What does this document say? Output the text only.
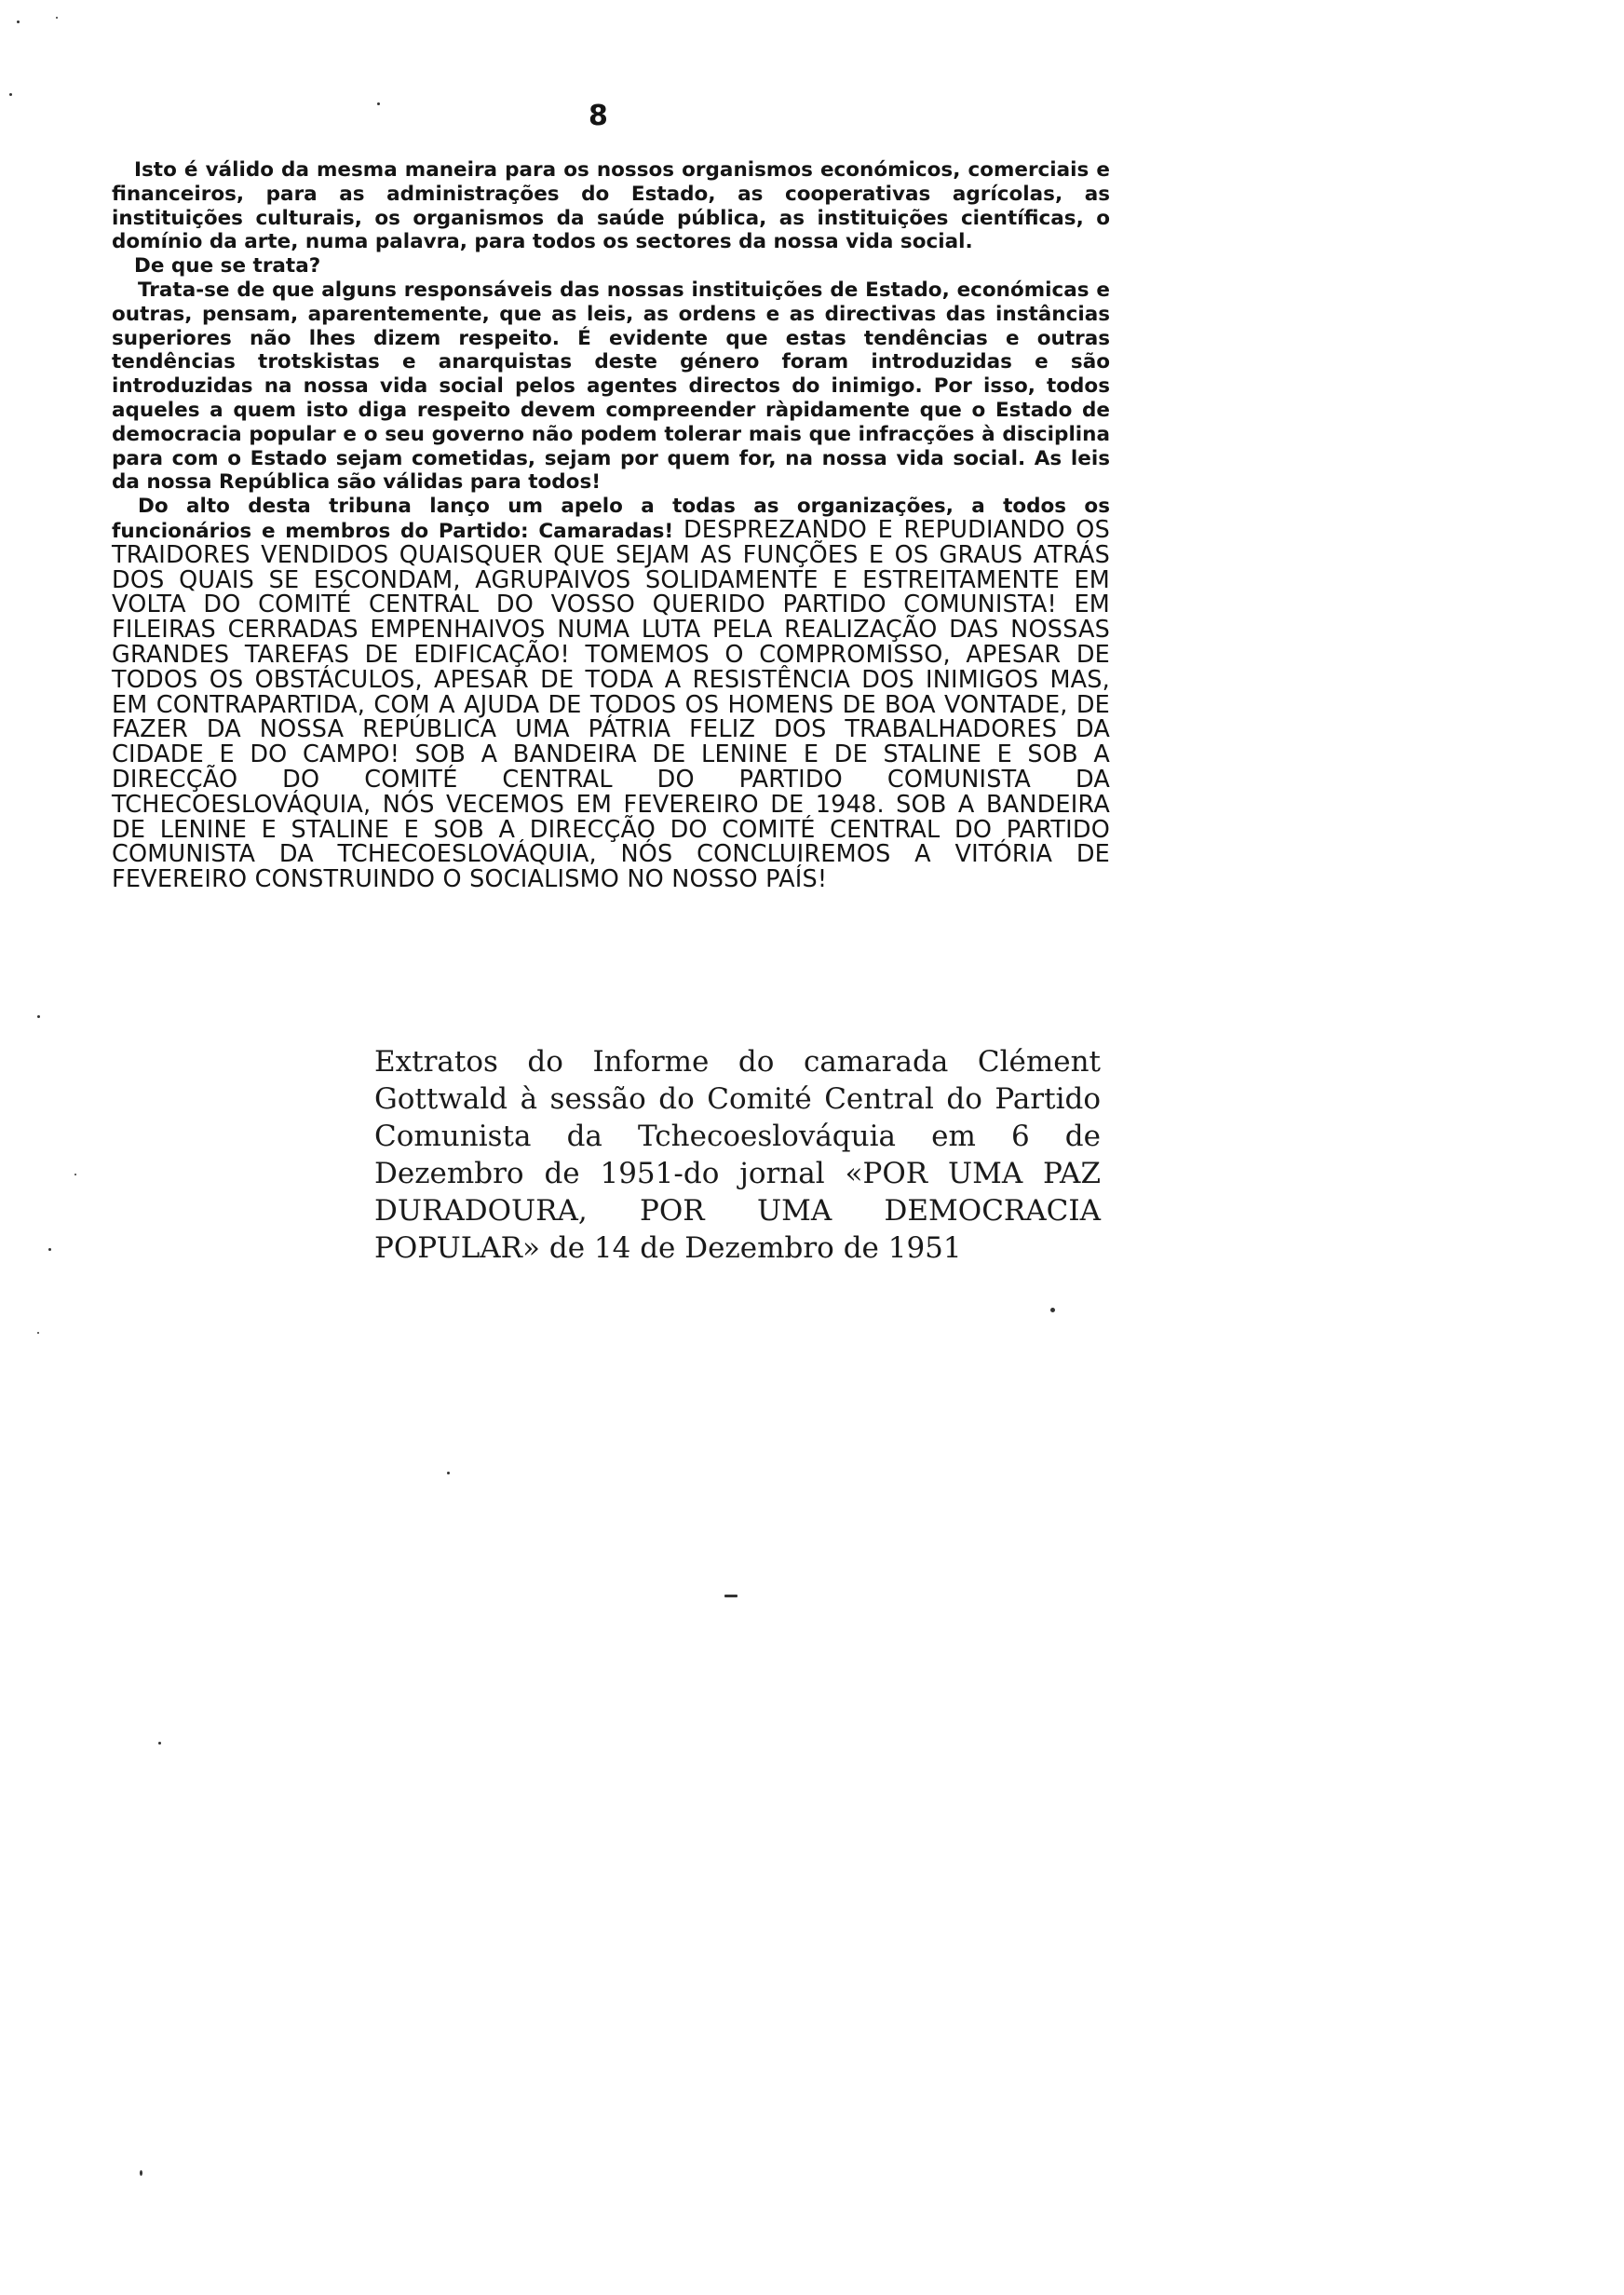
8

Isto é válido da mesma maneira para os nossos organismos económicos, comerciais e financeiros, para as administrações do Estado, as cooperativas agrícolas, as instituições culturais, os organismos da saúde pública, as instituições científicas, o domínio da arte, numa palavra, para todos os sectores da nossa vida social.

De que se trata?

Trata-se de que alguns responsáveis das nossas instituições de Estado, económicas e outras, pensam, aparentemente, que as leis, as ordens e as directivas das instâncias superiores não lhes dizem respeito. É evidente que estas tendências e outras tendências trotskistas e anarquistas deste género foram introduzidas e são introduzidas na nossa vida social pelos agentes directos do inimigo. Por isso, todos aqueles a quem isto diga respeito devem compreender ràpidamente que o Estado de democracia popular e o seu governo não podem tolerar mais que infracções à disciplina para com o Estado sejam cometidas, sejam por quem for, na nossa vida social. As leis da nossa República são válidas para todos!

Do alto desta tribuna lanço um apelo a todas as organizações, a todos os funcionários e membros do Partido: Camaradas! DESPREZANDO E REPUDIANDO OS TRAIDORES VENDIDOS QUAISQUER QUE SEJAM AS FUNÇÕES E OS GRAUS ATRÁS DOS QUAIS SE ESCONDAM, AGRUPAIVOS SOLIDAMENTE E ESTREITAMENTE EM VOLTA DO COMITÉ CENTRAL DO VOSSO QUERIDO PARTIDO COMUNISTA! EM FILEIRAS CERRADAS EMPENHAIVOS NUMA LUTA PELA REALIZAÇÃO DAS NOSSAS GRANDES TAREFAS DE EDIFICAÇÃO! TOMEMOS O COMPROMISSO, APESAR DE TODOS OS OBSTÁCULOS, APESAR DE TODA A RESISTÊNCIA DOS INIMIGOS MAS, EM CONTRAPARTIDA, COM A AJUDA DE TODOS OS HOMENS DE BOA VONTADE, DE FAZER DA NOSSA REPÚBLICA UMA PÁTRIA FELIZ DOS TRABALHADORES DA CIDADE E DO CAMPO! SOB A BANDEIRA DE LENINE E DE STALINE E SOB A DIRECÇÃO DO COMITÉ CENTRAL DO PARTIDO COMUNISTA DA TCHECOESLOVÁQUIA, NÓS VECEMOS EM FEVEREIRO DE 1948. SOB A BANDEIRA DE LENINE E STALINE E SOB A DIRECÇÃO DO COMITÉ CENTRAL DO PARTIDO COMUNISTA DA TCHECOESLOVÁQUIA, NÓS CONCLUIREMOS A VITÓRIA DE FEVEREIRO CONSTRUINDO O SOCIALISMO NO NOSSO PAÍS!

Extratos do Informe do camarada Clément Gottwald à sessão do Comité Central do Partido Comunista da Tchecoeslováquia em 6 de Dezembro de 1951-do jornal «POR UMA PAZ DURADOURA, POR UMA DEMOCRACIA POPULAR» de 14 de Dezembro de 1951
